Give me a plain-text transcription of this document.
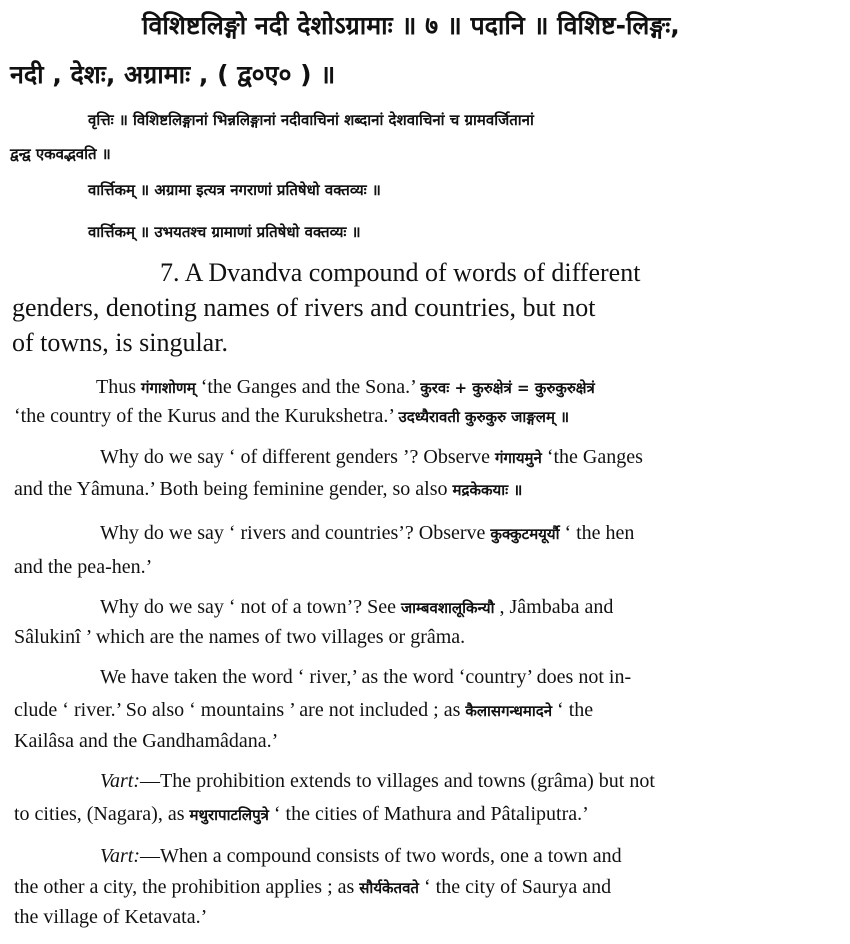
विशिष्टलिङ्गो नदी देशोऽग्रामाः ॥ ७ ॥ पदानि ॥ विशिष्ट-लिङ्गः,

नदी , देशः, अग्रामाः , ( द्व०ए० ) ॥

वृत्तिः ॥ विशिष्टलिङ्गानां भिन्नलिङ्गानां नदीवाचिनां शब्दानां देशवाचिनां च ग्रामवर्जितानां

द्वन्द्व एकवद्भवति ॥

वार्त्तिकम् ॥ अग्रामा इत्यत्र नगराणां प्रतिषेधो वक्तव्यः ॥

वार्त्तिकम् ॥ उभयतश्च ग्रामाणां प्रतिषेधो वक्तव्यः ॥

7. A Dvandva compound of words of different

genders, denoting names of rivers and countries, but not

of towns, is singular.

Thus गंगाशोणम् ‘the Ganges and the Sona.’ कुरवः + कुरुक्षेत्रं = कुरुकुरुक्षेत्रं

‘the country of the Kurus and the Kurukshetra.’ उदध्यैरावती कुरुकुरु जाङ्गलम् ॥

Why do we say ‘ of different genders ’? Observe गंगायमुने ‘the Ganges

and the Yâmuna.’ Both being feminine gender, so also मद्रकेकयाः ॥

Why do we say ‘ rivers and countries’? Observe कुक्कुटमयूर्यौ ‘ the hen

and the pea-hen.’

Why do we say ‘ not of a town’? See जाम्बवशालूकिन्यौ , Jâmbaba and

Sâlukinî ’ which are the names of two villages or grâma.

We have taken the word ‘ river,’ as the word ‘country’ does not in-

clude ‘ river.’ So also ‘ mountains ’ are not included ; as कैलासगन्धमादने ‘ the

Kailâsa and the Gandhamâdana.’

Vart:—The prohibition extends to villages and towns (grâma) but not

to cities, (Nagara), as मथुरापाटलिपुत्रे ‘ the cities of Mathura and Pâtaliputra.’

Vart:—When a compound consists of two words, one a town and

the other a city, the prohibition applies ; as सौर्यकेतवते ‘ the city of Saurya and

the village of Ketavata.’
